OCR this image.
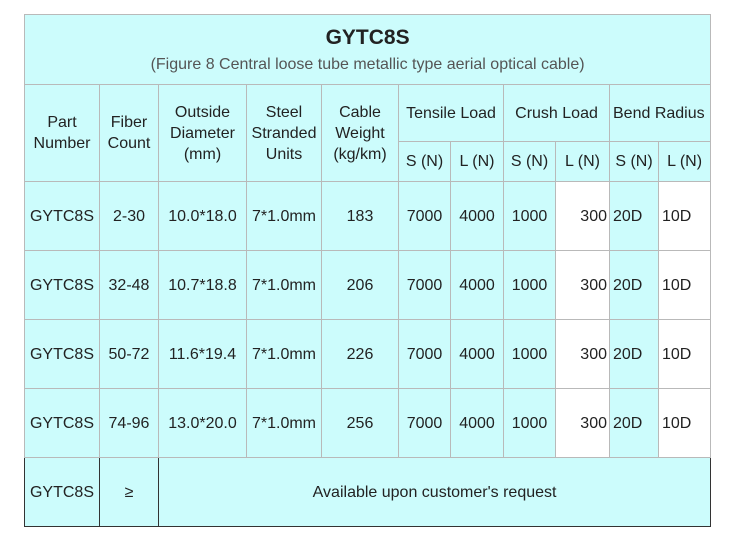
GYTC8S
(Figure 8 Central loose tube metallic type aerial optical cable)										

Part Number	Fiber Count	Outside Diameter (mm)	Steel Stranded Units	Cable Weight (kg/km)	Tensile Load		Crush Load		Bend Radius	
					S (N)	L (N)	S (N)	L (N)	S (N)	L (N)
GYTC8S	2-30	10.0*18.0	7*1.0mm	183	7000	4000	1000	300	20D	10D
GYTC8S	32-48	10.7*18.8	7*1.0mm	206	7000	4000	1000	300	20D	10D
GYTC8S	50-72	11.6*19.4	7*1.0mm	226	7000	4000	1000	300	20D	10D
GYTC8S	74-96	13.0*20.0	7*1.0mm	256	7000	4000	1000	300	20D	10D
GYTC8S	≥	Available upon customer's request								
